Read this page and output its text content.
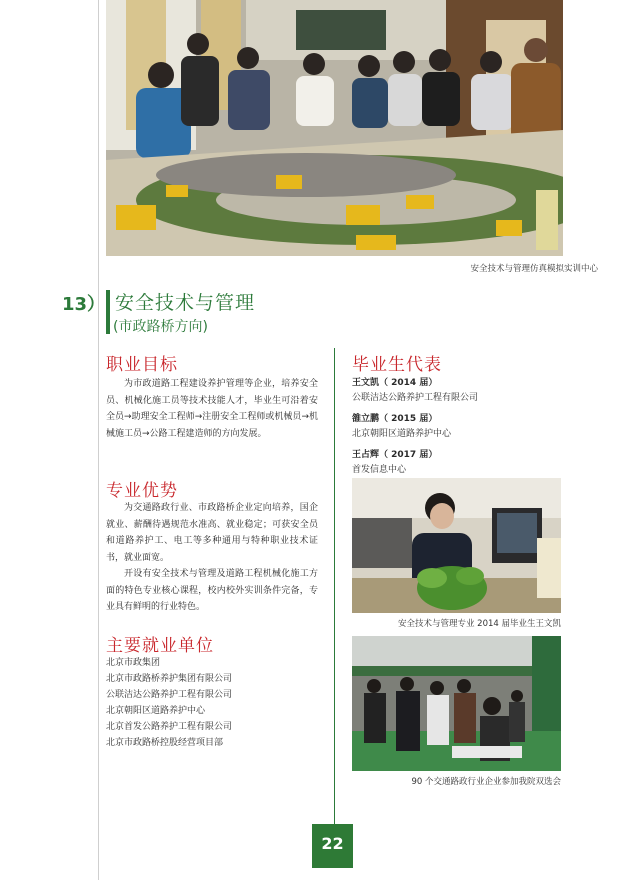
安全技术与管理仿真模拟实训中心
13） 安全技术与管理
(市政路桥方向)
职业目标

为市政道路工程建设养护管理等企业，培养安全员、机械化施工员等技术技能人才，毕业生可沿着安全员→助理安全工程师→注册安全工程师或机械员→机械施工员→公路工程建造师的方向发展。

专业优势

为交通路政行业、市政路桥企业定向培养，国企就业、薪酬待遇规范水准高、就业稳定；可获安全员和道路养护工、电工等多种通用与特种职业技术证书，就业面宽。

开设有安全技术与管理及道路工程机械化施工方面的特色专业核心课程，校内校外实训条件完备，专业具有鲜明的行业特色。

主要就业单位
北京市政集团
北京市政路桥养护集团有限公司
公联洁达公路养护工程有限公司
北京朝阳区道路养护中心
北京首发公路养护工程有限公司
北京市政路桥控股经营项目部
毕业生代表
王文凯（ 2014 届）
公联洁达公路养护工程有限公司
雒立鹏（ 2015 届）
北京朝阳区道路养护中心
王占辉（ 2017 届）
首发信息中心
安全技术与管理专业 2014 届毕业生王文凯
90 个交通路政行业企业参加我院双选会
22
